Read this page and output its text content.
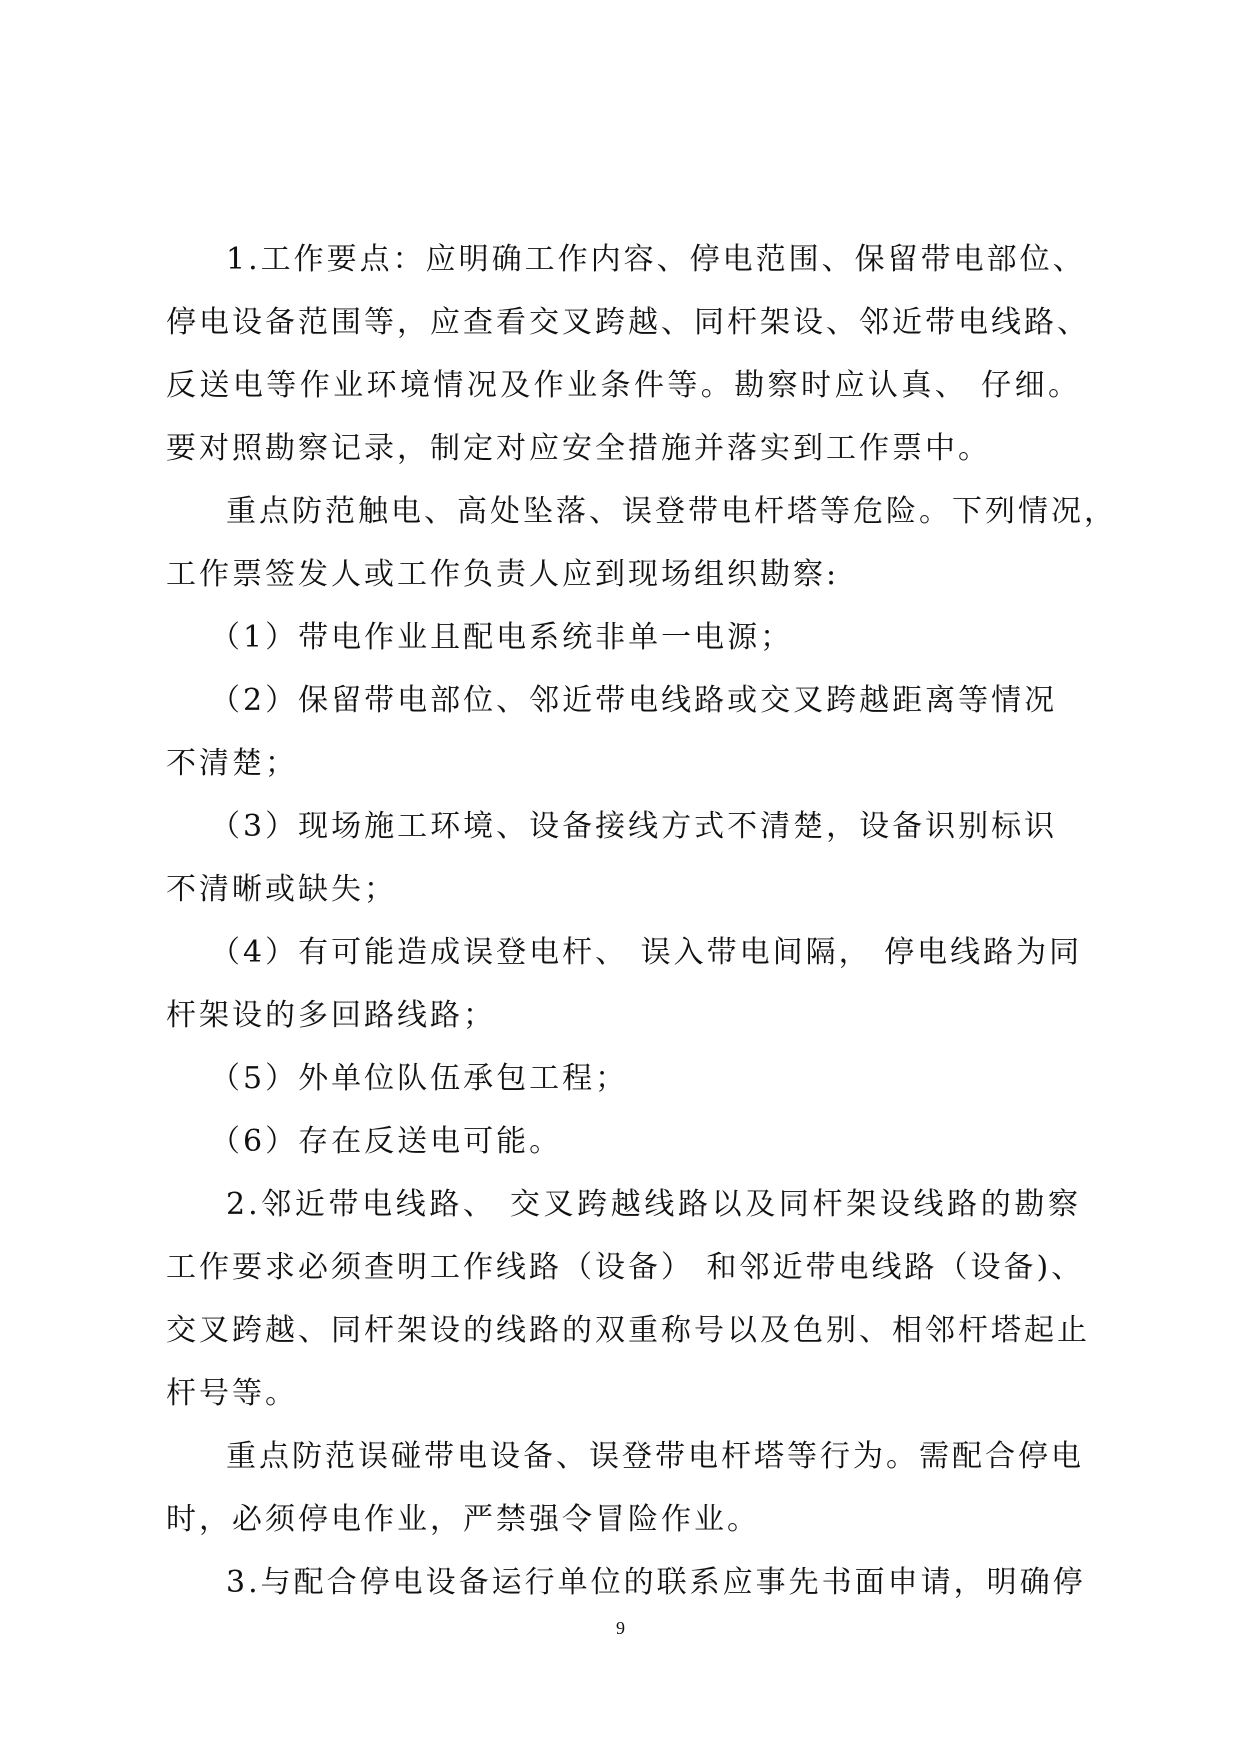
1.工作要点：应明确工作内容、停电范围、保留带电部位、
停电设备范围等，应查看交叉跨越、同杆架设、邻近带电线路、
反送电等作业环境情况及作业条件等。勘察时应认真、 仔细。
要对照勘察记录，制定对应安全措施并落实到工作票中。
重点防范触电、高处坠落、误登带电杆塔等危险。下列情况，
工作票签发人或工作负责人应到现场组织勘察:
（1）带电作业且配电系统非单一电源；
（2）保留带电部位、邻近带电线路或交叉跨越距离等情况
不清楚；
（3）现场施工环境、设备接线方式不清楚，设备识别标识
不清晰或缺失；
（4）有可能造成误登电杆、 误入带电间隔， 停电线路为同
杆架设的多回路线路；
（5）外单位队伍承包工程；
（6）存在反送电可能。
2.邻近带电线路、 交叉跨越线路以及同杆架设线路的勘察
工作要求必须查明工作线路（设备） 和邻近带电线路（设备)、
交叉跨越、同杆架设的线路的双重称号以及色别、相邻杆塔起止
杆号等。
重点防范误碰带电设备、误登带电杆塔等行为。需配合停电
时，必须停电作业，严禁强令冒险作业。
3.与配合停电设备运行单位的联系应事先书面申请，明确停
9
